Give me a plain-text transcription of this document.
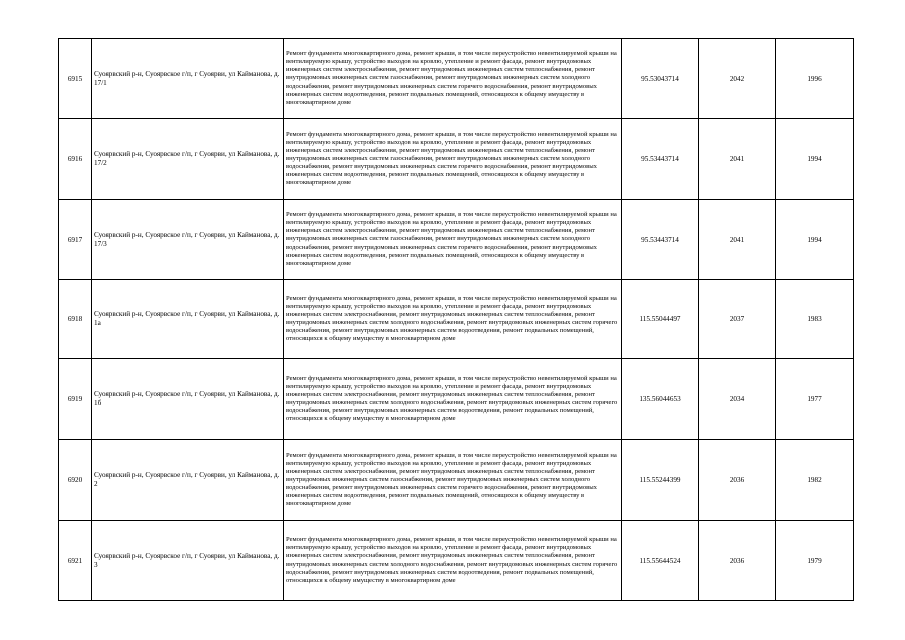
6915	Суоярвский р-н, Суоярвское г/п, г Суоярви, ул Кайманова, д. 17/1	Ремонт фундамента многоквартирного дома, ремонт крыши, в том числе переустройство невентилируемой крыши на вентилируемую крышу, устройство выходов на кровлю, утепление и ремонт фасада, ремонт внутридомовых инженерных систем электроснабжения, ремонт внутридомовых инженерных систем теплоснабжения, ремонт внутридомовых инженерных систем газоснабжения, ремонт внутридомовых инженерных систем холодного водоснабжения, ремонт внутридомовых инженерных систем горячего водоснабжения, ремонт внутридомовых инженерных систем водоотведения, ремонт подвальных помещений, относящихся к общему имуществу в многоквартирном доме	95.53043714	2042	1996
6916	Суоярвский р-н, Суоярвское г/п, г Суоярви, ул Кайманова, д. 17/2	Ремонт фундамента многоквартирного дома, ремонт крыши, в том числе переустройство невентилируемой крыши на вентилируемую крышу, устройство выходов на кровлю, утепление и ремонт фасада, ремонт внутридомовых инженерных систем электроснабжения, ремонт внутридомовых инженерных систем теплоснабжения, ремонт внутридомовых инженерных систем газоснабжения, ремонт внутридомовых инженерных систем холодного водоснабжения, ремонт внутридомовых инженерных систем горячего водоснабжения, ремонт внутридомовых инженерных систем водоотведения, ремонт подвальных помещений, относящихся к общему имуществу в многоквартирном доме	95.53443714	2041	1994
6917	Суоярвский р-н, Суоярвское г/п, г Суоярви, ул Кайманова, д. 17/3	Ремонт фундамента многоквартирного дома, ремонт крыши, в том числе переустройство невентилируемой крыши на вентилируемую крышу, устройство выходов на кровлю, утепление и ремонт фасада, ремонт внутридомовых инженерных систем электроснабжения, ремонт внутридомовых инженерных систем теплоснабжения, ремонт внутридомовых инженерных систем газоснабжения, ремонт внутридомовых инженерных систем холодного водоснабжения, ремонт внутридомовых инженерных систем горячего водоснабжения, ремонт внутридомовых инженерных систем водоотведения, ремонт подвальных помещений, относящихся к общему имуществу в многоквартирном доме	95.53443714	2041	1994
6918	Суоярвский р-н, Суоярвское г/п, г Суоярви, ул Кайманова, д. 1а	Ремонт фундамента многоквартирного дома, ремонт крыши, в том числе переустройство невентилируемой крыши на вентилируемую крышу, устройство выходов на кровлю, утепление и ремонт фасада, ремонт внутридомовых инженерных систем электроснабжения, ремонт внутридомовых инженерных систем теплоснабжения, ремонт внутридомовых инженерных систем холодного водоснабжения, ремонт внутридомовых инженерных систем горячего водоснабжения, ремонт внутридомовых инженерных систем водоотведения, ремонт подвальных помещений, относящихся к общему имуществу в многоквартирном доме	115.55044497	2037	1983
6919	Суоярвский р-н, Суоярвское г/п, г Суоярви, ул Кайманова, д. 1б	Ремонт фундамента многоквартирного дома, ремонт крыши, в том числе переустройство невентилируемой крыши на вентилируемую крышу, устройство выходов на кровлю, утепление и ремонт фасада, ремонт внутридомовых инженерных систем электроснабжения, ремонт внутридомовых инженерных систем теплоснабжения, ремонт внутридомовых инженерных систем холодного водоснабжения, ремонт внутридомовых инженерных систем горячего водоснабжения, ремонт внутридомовых инженерных систем водоотведения, ремонт подвальных помещений, относящихся к общему имуществу в многоквартирном доме	135.56044653	2034	1977
6920	Суоярвский р-н, Суоярвское г/п, г Суоярви, ул Кайманова, д. 2	Ремонт фундамента многоквартирного дома, ремонт крыши, в том числе переустройство невентилируемой крыши на вентилируемую крышу, устройство выходов на кровлю, утепление и ремонт фасада, ремонт внутридомовых инженерных систем электроснабжения, ремонт внутридомовых инженерных систем теплоснабжения, ремонт внутридомовых инженерных систем газоснабжения, ремонт внутридомовых инженерных систем холодного водоснабжения, ремонт внутридомовых инженерных систем горячего водоснабжения, ремонт внутридомовых инженерных систем водоотведения, ремонт подвальных помещений, относящихся к общему имуществу в многоквартирном доме	115.55244399	2036	1982
6921	Суоярвский р-н, Суоярвское г/п, г Суоярви, ул Кайманова, д. 3	Ремонт фундамента многоквартирного дома, ремонт крыши, в том числе переустройство невентилируемой крыши на вентилируемую крышу, устройство выходов на кровлю, утепление и ремонт фасада, ремонт внутридомовых инженерных систем электроснабжения, ремонт внутридомовых инженерных систем теплоснабжения, ремонт внутридомовых инженерных систем холодного водоснабжения, ремонт внутридомовых инженерных систем горячего водоснабжения, ремонт внутридомовых инженерных систем водоотведения, ремонт подвальных помещений, относящихся к общему имуществу в многоквартирном доме	115.55644524	2036	1979
